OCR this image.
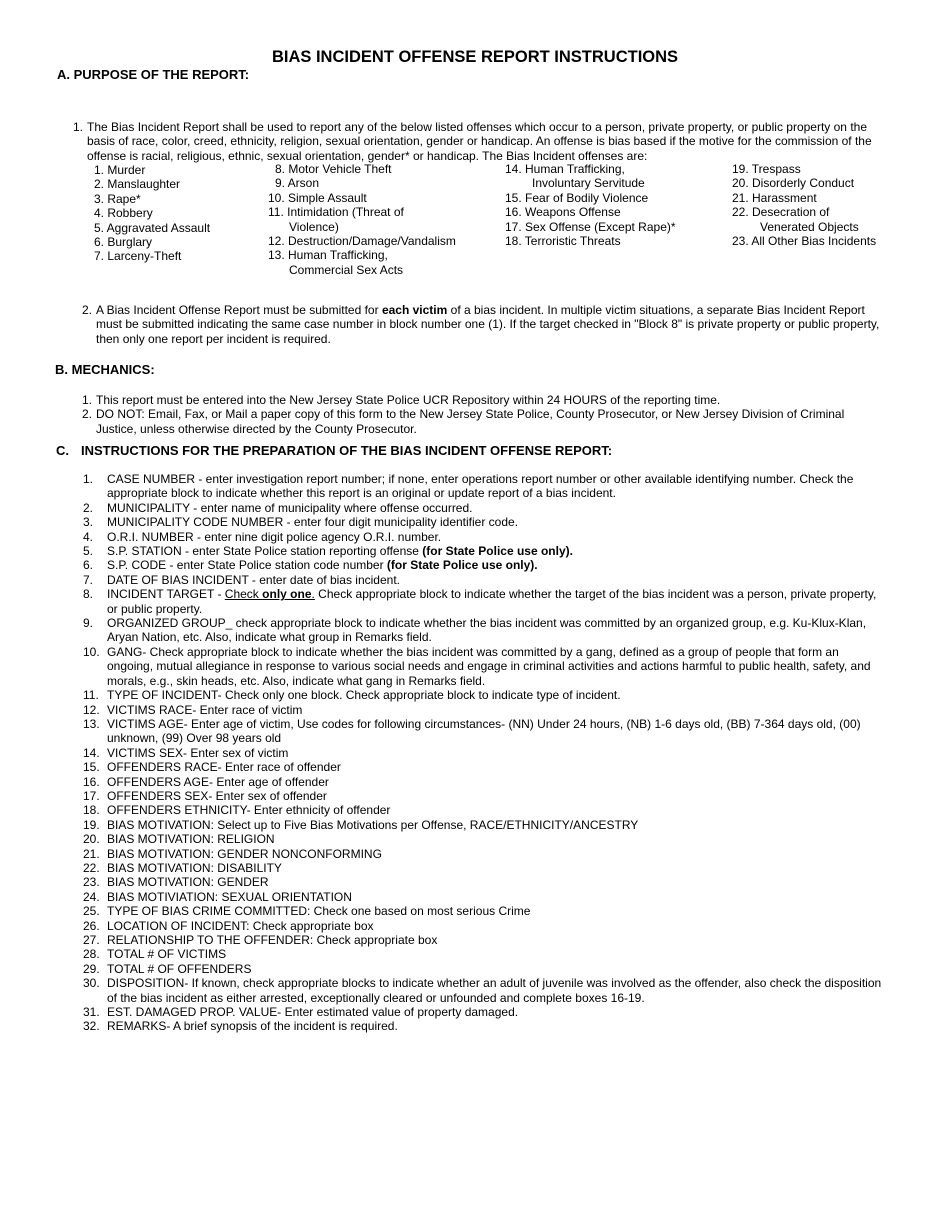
BIAS INCIDENT OFFENSE REPORT INSTRUCTIONS
A. PURPOSE OF THE REPORT:
1. The Bias Incident Report shall be used to report any of the below listed offenses which occur to a person, private property, or public property on the basis of race, color, creed, ethnicity, religion, sexual orientation, gender or handicap. An offense is bias based if the motive for the commission of the offense is racial, religious, ethnic, sexual orientation, gender* or handicap. The Bias Incident offenses are:
1. Murder
2. Manslaughter
3. Rape*
4. Robbery
5. Aggravated Assault
6. Burglary
7. Larceny-Theft
8. Motor Vehicle Theft
9. Arson
10. Simple Assault
11. Intimidation (Threat of
Violence)
12. Destruction/Damage/Vandalism
13. Human Trafficking,
Commercial Sex Acts
14. Human Trafficking,
Involuntary Servitude
15. Fear of Bodily Violence
16. Weapons Offense
17. Sex Offense (Except Rape)*
18. Terroristic Threats
19. Trespass
20. Disorderly Conduct
21. Harassment
22. Desecration of
Venerated Objects
23. All Other Bias Incidents
2. A Bias Incident Offense Report must be submitted for each victim of a bias incident. In multiple victim situations, a separate Bias Incident Report must be submitted indicating the same case number in block number one (1). If the target checked in "Block 8" is private property or public property, then only one report per incident is required.
B. MECHANICS:
1. This report must be entered into the New Jersey State Police UCR Repository within 24 HOURS of the reporting time.
2. DO NOT: Email, Fax, or Mail a paper copy of this form to the New Jersey State Police, County Prosecutor, or New Jersey Division of Criminal Justice, unless otherwise directed by the County Prosecutor.
C. INSTRUCTIONS FOR THE PREPARATION OF THE BIAS INCIDENT OFFENSE REPORT:
1.	CASE NUMBER - enter investigation report number; if none, enter operations report number or other available identifying number. Check the appropriate block to indicate whether this report is an original or update report of a bias incident.
2.	MUNICIPALITY - enter name of municipality where offense occurred.
3.	MUNICIPALITY CODE NUMBER - enter four digit municipality identifier code.
4.	O.R.I. NUMBER - enter nine digit police agency O.R.I. number.
5.	S.P. STATION - enter State Police station reporting offense (for State Police use only).
6.	S.P. CODE - enter State Police station code number (for State Police use only).
7.	DATE OF BIAS INCIDENT - enter date of bias incident.
8.	INCIDENT TARGET - Check only one. Check appropriate block to indicate whether the target of the bias incident was a person, private property, or public property.
9.	ORGANIZED GROUP_ check appropriate block to indicate whether the bias incident was committed by an organized group, e.g. Ku-Klux-Klan, Aryan Nation, etc. Also, indicate what group in Remarks field.
10. GANG- Check appropriate block to indicate whether the bias incident was committed by a gang, defined as a group of people that form an ongoing, mutual allegiance in response to various social needs and engage in criminal activities and actions harmful to public health, safety, and morals, e.g., skin heads, etc. Also, indicate what gang in Remarks field.
11. TYPE OF INCIDENT- Check only one block. Check appropriate block to indicate type of incident.
12. VICTIMS RACE- Enter race of victim
13. VICTIMS AGE- Enter age of victim, Use codes for following circumstances- (NN) Under 24 hours, (NB) 1-6 days old, (BB) 7-364 days old, (00) unknown, (99) Over 98 years old
14. VICTIMS SEX- Enter sex of victim
15. OFFENDERS RACE- Enter race of offender
16. OFFENDERS AGE- Enter age of offender
17. OFFENDERS SEX- Enter sex of offender
18. OFFENDERS ETHNICITY- Enter ethnicity of offender
19. BIAS MOTIVATION: Select up to Five Bias Motivations per Offense, RACE/ETHNICITY/ANCESTRY
20. BIAS MOTIVATION: RELIGION
21. BIAS MOTIVATION: GENDER NONCONFORMING
22. BIAS MOTIVATION: DISABILITY
23. BIAS MOTIVATION: GENDER
24. BIAS MOTIVIATION: SEXUAL ORIENTATION
25. TYPE OF BIAS CRIME COMMITTED: Check one based on most serious Crime
26. LOCATION OF INCIDENT: Check appropriate box
27. RELATIONSHIP TO THE OFFENDER: Check appropriate box
28. TOTAL # OF VICTIMS
29. TOTAL # OF OFFENDERS
30. DISPOSITION- If known, check appropriate blocks to indicate whether an adult of juvenile was involved as the offender, also check the disposition of the bias incident as either arrested, exceptionally cleared or unfounded and complete boxes 16-19.
31. EST. DAMAGED PROP. VALUE- Enter estimated value of property damaged.
32. REMARKS- A brief synopsis of the incident is required.
